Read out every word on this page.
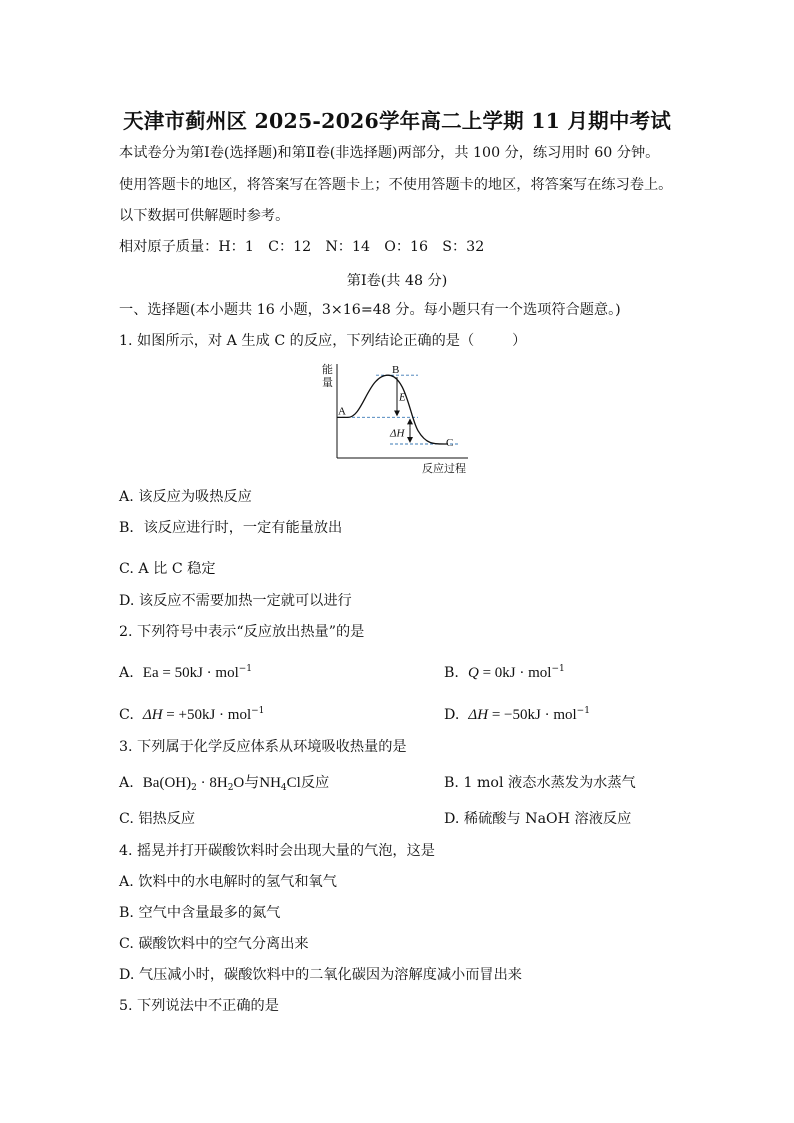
天津市蓟州区 2025-2026学年高二上学期 11 月期中考试
本试卷分为第Ⅰ卷(选择题)和第Ⅱ卷(非选择题)两部分，共 100 分，练习用时 60 分钟。
使用答题卡的地区，将答案写在答题卡上；不使用答题卡的地区，将答案写在练习卷上。
以下数据可供解题时参考。
相对原子质量：H：1　C：12　N：14　O：16　S：32
第Ⅰ卷(共 48 分)
一、选择题(本小题共 16 小题，3×16=48 分。每小题只有一个选项符合题意。)
1. 如图所示，对 A 生成 C 的反应，下列结论正确的是（	）
能
量
反应过程
A
B
C
E
ΔH
A. 该反应为吸热反应
B．该反应进行时，一定有能量放出
C. A 比 C 稳定
D. 该反应不需要加热一定就可以进行
2. 下列符号中表示“反应放出热量”的是
A. Ea = 50kJ · mol$^{-1}$	B. Q = 0kJ · mol$^{-1}$
C. ΔH = +50kJ · mol$^{-1}$	D. ΔH = −50kJ · mol$^{-1}$
3. 下列属于化学反应体系从环境吸收热量的是
A. $Ba(OH)_2 \cdot 8H_2O$与$NH_4Cl$反应	B. 1 mol 液态水蒸发为水蒸气
C. 铝热反应	D. 稀硫酸与 NaOH 溶液反应
4. 摇晃并打开碳酸饮料时会出现大量的气泡，这是
A. 饮料中的水电解时的氢气和氧气
B. 空气中含量最多的氮气
C. 碳酸饮料中的空气分离出来
D. 气压减小时，碳酸饮料中的二氧化碳因为溶解度减小而冒出来
5. 下列说法中不正确的是
